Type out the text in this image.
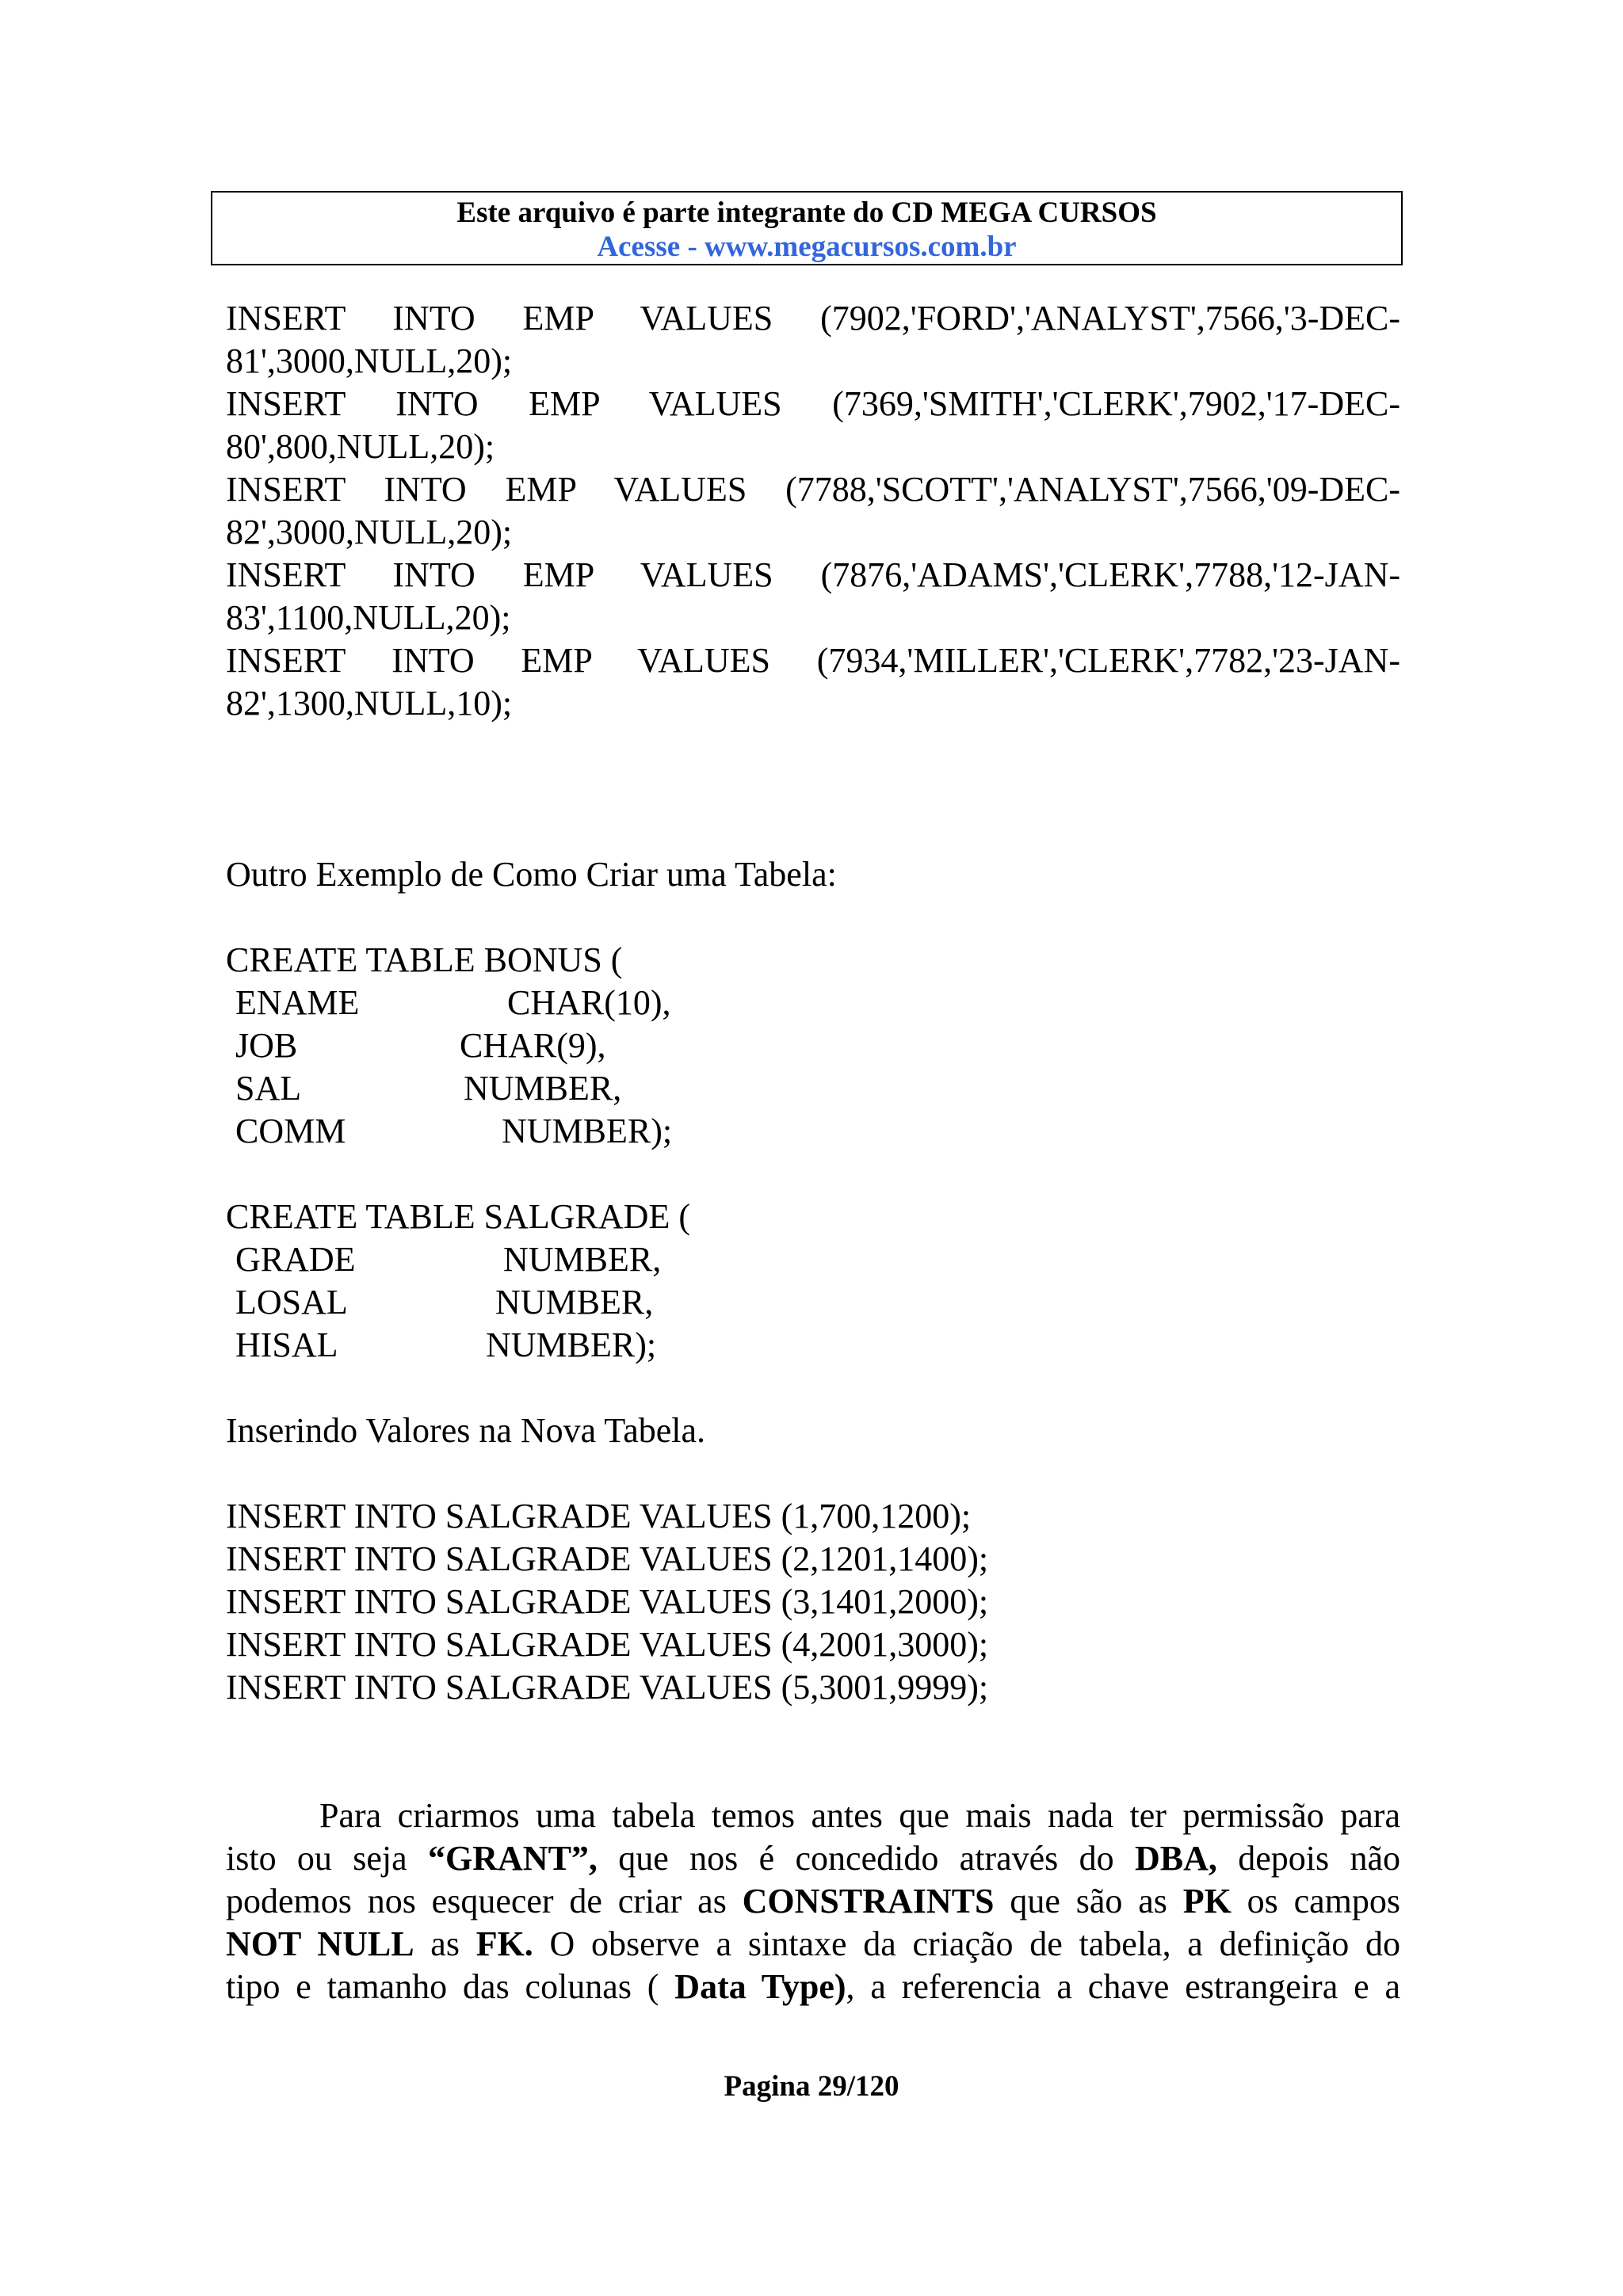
Este arquivo é parte integrante do CD MEGA CURSOS
Acesse - www.megacursos.com.br
INSERT INTO EMP VALUES (7902,'FORD','ANALYST',7566,'3-DEC-
81',3000,NULL,20);
INSERT INTO EMP VALUES (7369,'SMITH','CLERK',7902,'17-DEC-
80',800,NULL,20);
INSERT INTO EMP VALUES (7788,'SCOTT','ANALYST',7566,'09-DEC-
82',3000,NULL,20);
INSERT INTO EMP VALUES (7876,'ADAMS','CLERK',7788,'12-JAN-
83',1100,NULL,20);
INSERT INTO EMP VALUES (7934,'MILLER','CLERK',7782,'23-JAN-
82',1300,NULL,10);
Outro Exemplo de Como Criar uma Tabela:
CREATE TABLE BONUS (
ENAME	CHAR(10),
JOB	CHAR(9),
SAL	NUMBER,
COMM	NUMBER);
CREATE TABLE SALGRADE (
GRADE	NUMBER,
LOSAL	NUMBER,
HISAL	NUMBER);
Inserindo Valores na Nova Tabela.
INSERT INTO SALGRADE VALUES (1,700,1200);
INSERT INTO SALGRADE VALUES (2,1201,1400);
INSERT INTO SALGRADE VALUES (3,1401,2000);
INSERT INTO SALGRADE VALUES (4,2001,3000);
INSERT INTO SALGRADE VALUES (5,3001,9999);
Para criarmos uma tabela temos antes que mais nada ter permissão para
isto ou seja “GRANT”, que nos é concedido através do DBA, depois não
podemos nos esquecer de criar as CONSTRAINTS que são as PK os campos
NOT NULL as FK. O observe a sintaxe da criação de tabela, a definição do
tipo e tamanho das colunas ( Data Type), a referencia a chave estrangeira e a
Pagina 29/120
